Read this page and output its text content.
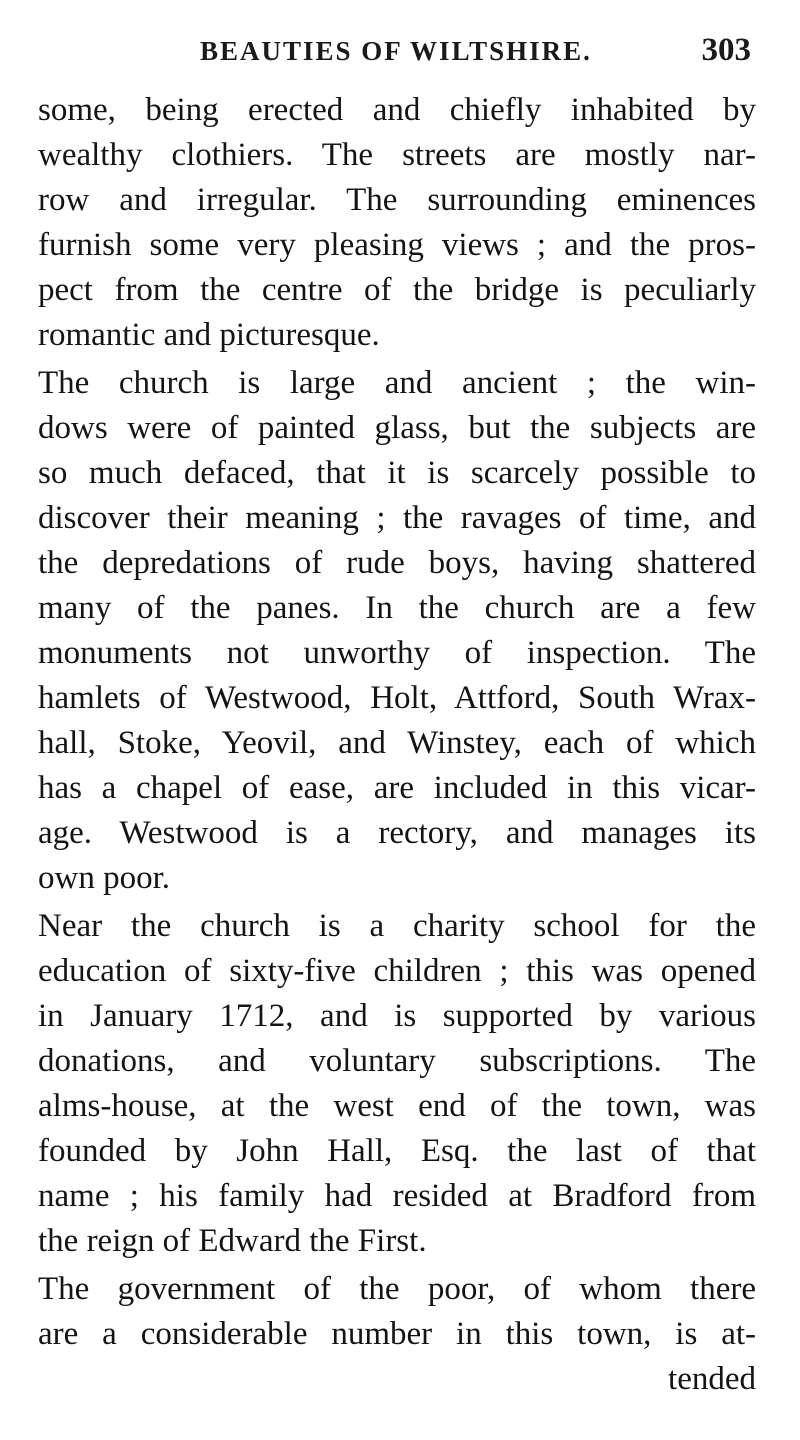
BEAUTIES OF WILTSHIRE.	303
some, being erected and chiefly inhabited by
wealthy clothiers. The streets are mostly nar-
row and irregular. The surrounding eminences
furnish some very pleasing views ; and the pros-
pect from the centre of the bridge is peculiarly
romantic and picturesque.
The church is large and ancient ; the win-
dows were of painted glass, but the subjects are
so much defaced, that it is scarcely possible to
discover their meaning ; the ravages of time, and
the depredations of rude boys, having shattered
many of the panes. In the church are a few
monuments not unworthy of inspection. The
hamlets of Westwood, Holt, Attford, South Wrax-
hall, Stoke, Yeovil, and Winstey, each of which
has a chapel of ease, are included in this vicar-
age. Westwood is a rectory, and manages its
own poor.
Near the church is a charity school for the
education of sixty-five children ; this was opened
in January 1712, and is supported by various
donations, and voluntary subscriptions. The
alms-house, at the west end of the town, was
founded by John Hall, Esq. the last of that
name ; his family had resided at Bradford from
the reign of Edward the First.
The government of the poor, of whom there
are a considerable number in this town, is at-
tended
